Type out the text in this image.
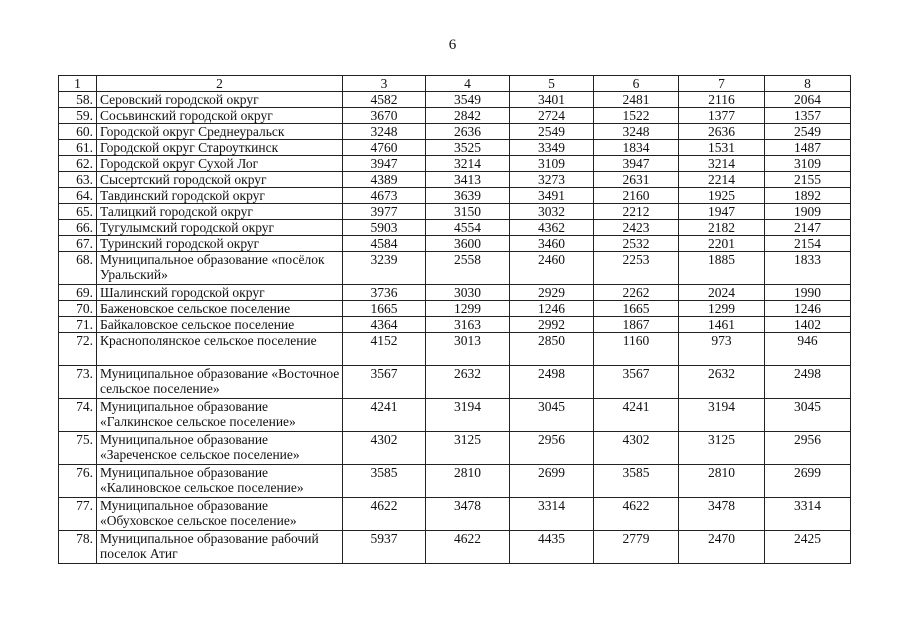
6
1	2	3	4	5	6	7	8
58.	Серовский городской округ	4582	3549	3401	2481	2116	2064
59.	Сосьвинский городской округ	3670	2842	2724	1522	1377	1357
60.	Городской округ Среднеуральск	3248	2636	2549	3248	2636	2549
61.	Городской округ Староуткинск	4760	3525	3349	1834	1531	1487
62.	Городской округ Сухой Лог	3947	3214	3109	3947	3214	3109
63.	Сысертский городской округ	4389	3413	3273	2631	2214	2155
64.	Тавдинский городской округ	4673	3639	3491	2160	1925	1892
65.	Талицкий городской округ	3977	3150	3032	2212	1947	1909
66.	Тугулымский городской округ	5903	4554	4362	2423	2182	2147
67.	Туринский городской округ	4584	3600	3460	2532	2201	2154
68.	Муниципальное образование «посёлок Уральский»	3239	2558	2460	2253	1885	1833
69.	Шалинский городской округ	3736	3030	2929	2262	2024	1990
70.	Баженовское сельское поселение	1665	1299	1246	1665	1299	1246
71.	Байкаловское сельское поселение	4364	3163	2992	1867	1461	1402
72.	Краснополянское сельское поселение	4152	3013	2850	1160	973	946
73.	Муниципальное образование «Восточное сельское поселение»	3567	2632	2498	3567	2632	2498
74.	Муниципальное образование «Галкинское сельское поселение»	4241	3194	3045	4241	3194	3045
75.	Муниципальное образование «Зареченское сельское поселение»	4302	3125	2956	4302	3125	2956
76.	Муниципальное образование «Калиновское сельское поселение»	3585	2810	2699	3585	2810	2699
77.	Муниципальное образование «Обуховское сельское поселение»	4622	3478	3314	4622	3478	3314
78.	Муниципальное образование рабочий поселок Атиг	5937	4622	4435	2779	2470	2425
